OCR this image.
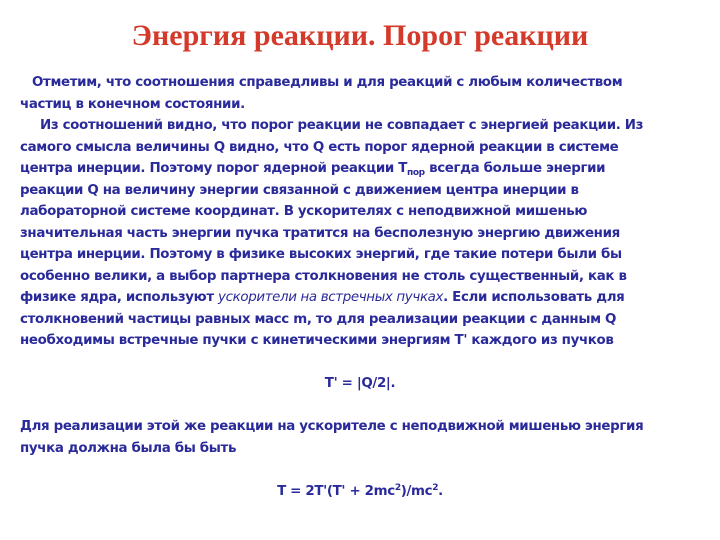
Энергия реакции. Порог реакции
Отметим, что соотношения справедливы и для реакций с любым количеством
частиц в конечном состоянии.
Из соотношений видно, что порог реакции не совпадает с энергией реакции. Из
самого смысла величины Q видно, что Q есть порог ядерной реакции в системе
центра инерции. Поэтому порог ядерной реакции $Т_{пор}$ всегда больше энергии
реакции Q на величину энергии связанной с движением центра инерции в
лабораторной системе координат. В ускорителях с неподвижной мишенью
значительная часть энергии пучка тратится на бесполезную энергию движения
центра инерции. Поэтому в физике высоких энергий, где такие потери были бы
особенно велики, а выбор партнера столкновения не столь существенный, как в
физике ядра, используют ускорители на встречных пучках. Если использовать для
столкновений частицы равных масс m, то для реализации реакции с данным Q
необходимы встречные пучки с кинетическими энергиям T' каждого из пучков
T' = |Q/2|.
Для реализации этой же реакции на ускорителе с неподвижной мишенью энергия
пучка должна была бы быть
$T = 2T'(T' + 2mc^2)/mc^2$.
